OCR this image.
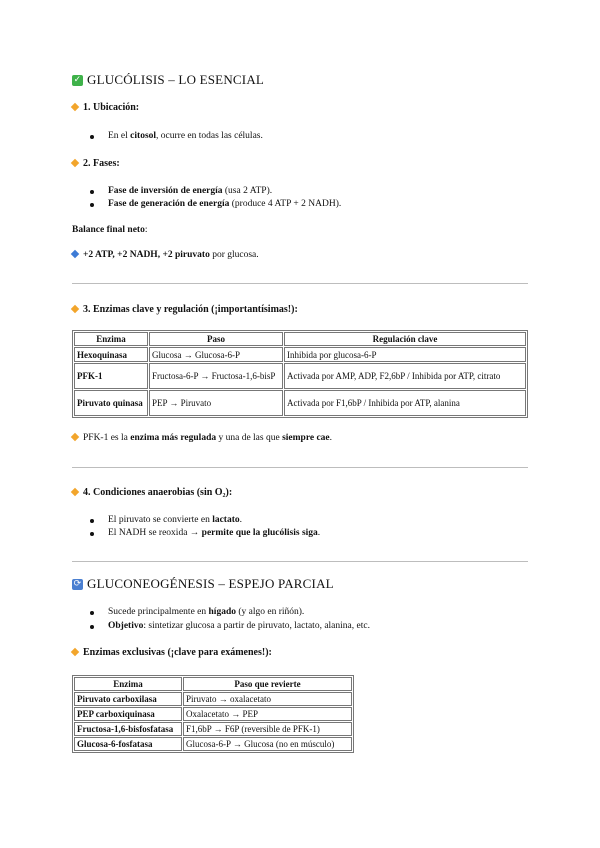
✓ GLUCÓLISIS – LO ESENCIAL
1. Ubicación:
En el citosol, ocurre en todas las células.
2. Fases:
Fase de inversión de energía (usa 2 ATP).
Fase de generación de energía (produce 4 ATP + 2 NADH).
Balance final neto:
+2 ATP, +2 NADH, +2 piruvato por glucosa.
3. Enzimas clave y regulación (¡importantísimas!):
Enzima	Paso	Regulación clave
Hexoquinasa	Glucosa → Glucosa-6-P	Inhibida por glucosa-6-P
PFK-1	Fructosa-6-P → Fructosa-1,6-bisP	Activada por AMP, ADP, F2,6bP / Inhibida por ATP, citrato
Piruvato quinasa	PEP → Piruvato	Activada por F1,6bP / Inhibida por ATP, alanina
PFK-1 es la enzima más regulada y una de las que siempre cae.
4. Condiciones anaerobias (sin O₂):
El piruvato se convierte en lactato.
El NADH se reoxida → permite que la glucólisis siga.
⟳ GLUCONEOGÉNESIS – ESPEJO PARCIAL
Sucede principalmente en hígado (y algo en riñón).
Objetivo: sintetizar glucosa a partir de piruvato, lactato, alanina, etc.
Enzimas exclusivas (¡clave para exámenes!):
Enzima	Paso que revierte
Piruvato carboxilasa	Piruvato → oxalacetato
PEP carboxiquinasa	Oxalacetato → PEP
Fructosa-1,6-bisfosfatasa	F1,6bP → F6P (reversible de PFK-1)
Glucosa-6-fosfatasa	Glucosa-6-P → Glucosa (no en músculo)
